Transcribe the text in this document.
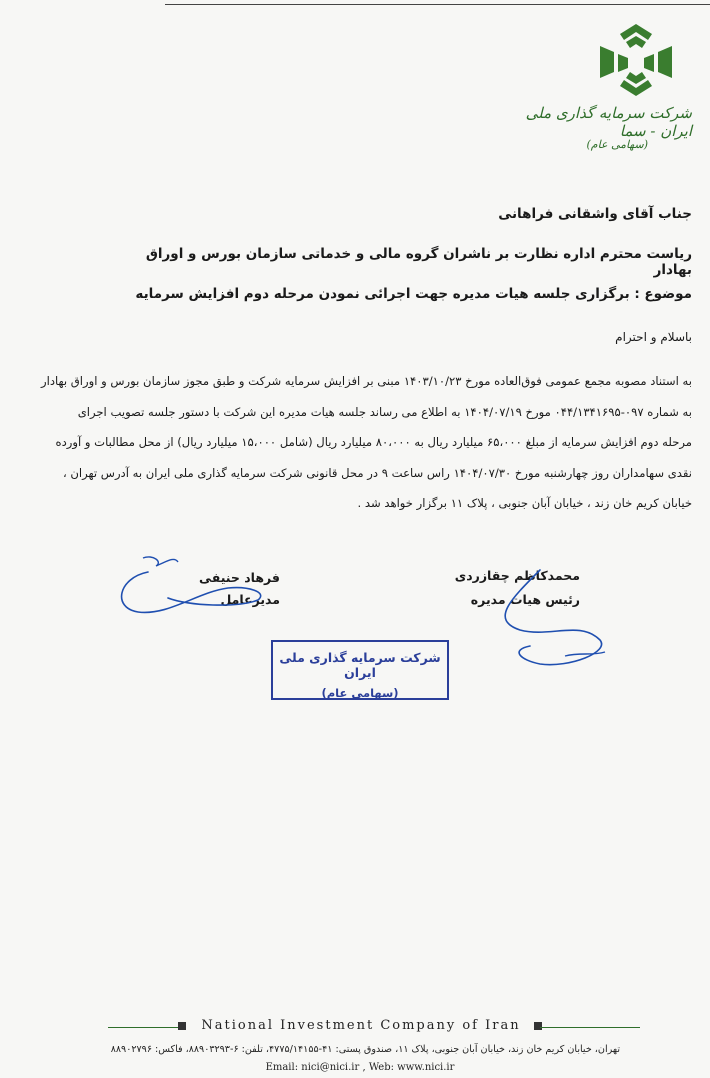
شرکت سرمایه گذاری ملی ایران - سما
(سهامی عام)
جناب آقای واشقانی فراهانی
ریاست محترم اداره نظارت بر ناشران گروه مالی و خدماتی سازمان بورس و اوراق بهادار
موضوع : برگزاری جلسه هیات مدیره جهت اجرائی نمودن مرحله دوم افزایش سرمایه
باسلام و احترام
به استناد مصوبه مجمع عمومی فوق‌العاده مورخ ۱۴۰۳/۱۰/۲۳ مبنی بر افزایش سرمایه شرکت و طبق مجوز سازمان بورس و اوراق بهادار
به شماره ۰۹۷-۰۴۴/۱۳۴۱۶۹۵ مورخ ۱۴۰۴/۰۷/۱۹ به اطلاع می رساند جلسه هیات مدیره این شرکت با دستور جلسه تصویب اجرای
مرحله دوم افزایش سرمایه از مبلغ ۶۵،۰۰۰ میلیارد ریال به ۸۰،۰۰۰ میلیارد ریال (شامل ۱۵،۰۰۰ میلیارد ریال) از محل مطالبات و آورده
نقدی سهامداران روز چهارشنبه مورخ ۱۴۰۴/۰۷/۳۰ راس ساعت ۹ در محل قانونی شرکت سرمایه گذاری ملی ایران به آدرس تهران ،
خیابان کریم خان زند ، خیابان آبان جنوبی ، پلاک ۱۱ برگزار خواهد شد .
محمدکاظم چقازردی
رئیس هیات مدیره
فرهاد حنیفی
مدیرعامل
شرکت سرمایه گذاری ملی ایران
(سهامی عام)
National Investment Company of Iran
تهران، خیابان کریم خان زند، خیابان آبان جنوبی، پلاک ۱۱، صندوق پستی: ۴۱-۴۷۷۵/۱۴۱۵۵، تلفن: ۶-۸۸۹۰۳۲۹۳، فاکس: ۸۸۹۰۲۷۹۶
Email: nici@nici.ir , Web: www.nici.ir
